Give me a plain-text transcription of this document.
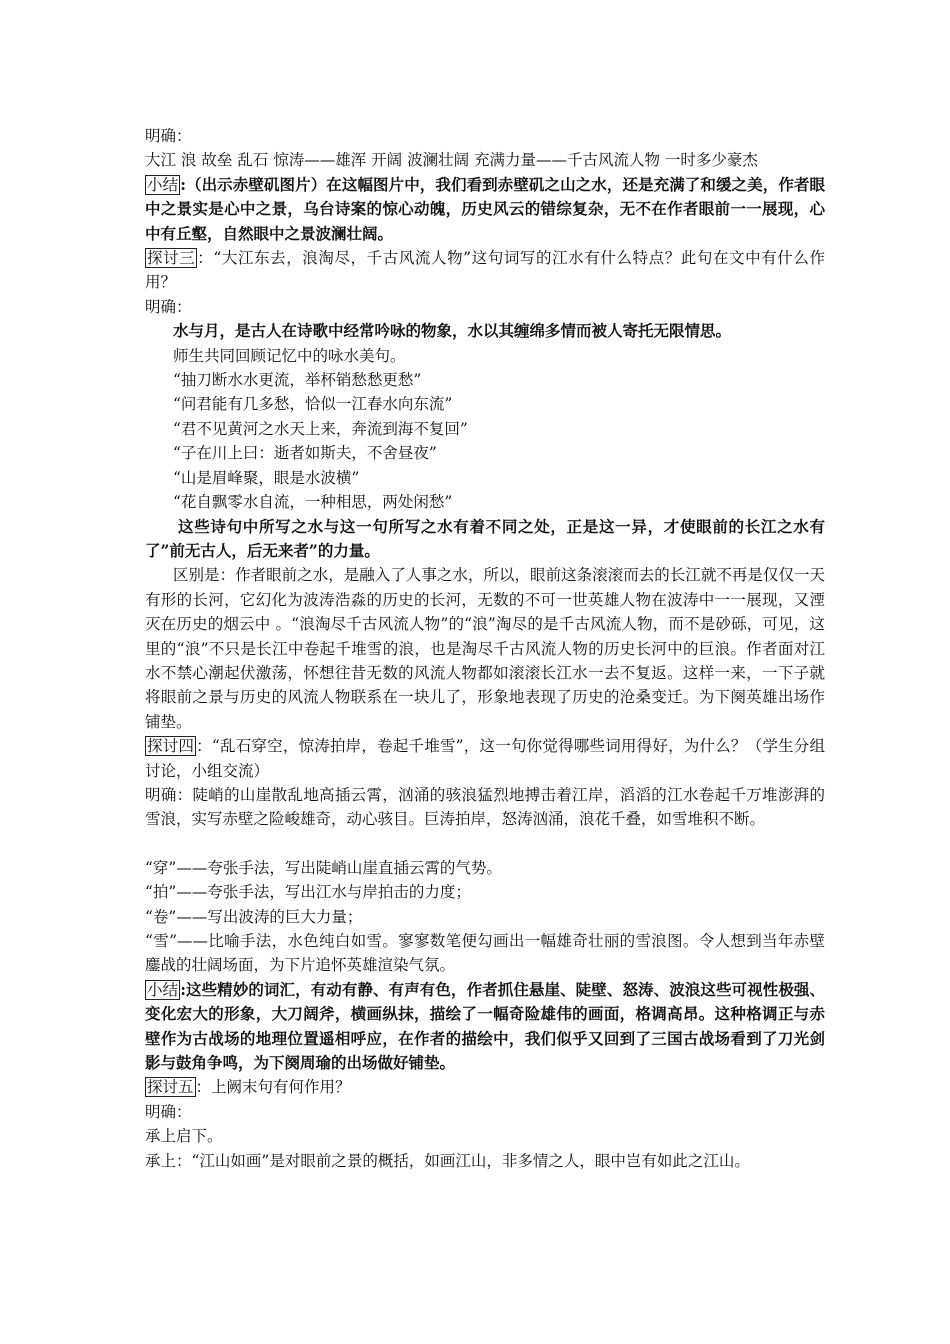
明确：

大江 浪 故垒 乱石 惊涛——雄浑 开阔 波澜壮阔 充满力量——千古风流人物 一时多少豪杰

小结 :（出示赤壁矶图片）在这幅图片中，我们看到赤壁矶之山之水，还是充满了和缓之美，作者眼中之景实是心中之景，乌台诗案的惊心动魄，历史风云的错综复杂，无不在作者眼前一一展现，心中有丘壑，自然眼中之景波澜壮阔。

探讨三 ：“大江东去，浪淘尽，千古风流人物”这句词写的江水有什么特点？此句在文中有什么作用？

明确：

水与月，是古人在诗歌中经常吟咏的物象，水以其缠绵多情而被人寄托无限情思。

师生共同回顾记忆中的咏水美句。

“抽刀断水水更流，举杯销愁愁更愁”

“问君能有几多愁，恰似一江春水向东流”

“君不见黄河之水天上来，奔流到海不复回”

“子在川上曰：逝者如斯夫，不舍昼夜”

“山是眉峰聚，眼是水波横”

“花自飘零水自流，一种相思，两处闲愁”

这些诗句中所写之水与这一句所写之水有着不同之处，正是这一异，才使眼前的长江之水有了”前无古人，后无来者”的力量。

区别是：作者眼前之水，是融入了人事之水，所以，眼前这条滚滚而去的长江就不再是仅仅一天有形的长河，它幻化为波涛浩淼的历史的长河，无数的不可一世英雄人物在波涛中一一展现，又湮灭在历史的烟云中 。“浪淘尽千古风流人物”的“浪”淘尽的是千古风流人物，而不是砂砾，可见，这里的“浪”不只是长江中卷起千堆雪的浪，也是淘尽千古风流人物的历史长河中的巨浪。作者面对江水不禁心潮起伏激荡，怀想往昔无数的风流人物都如滚滚长江水一去不复返。这样一来，一下子就将眼前之景与历史的风流人物联系在一块儿了，形象地表现了历史的沧桑变迁。为下阕英雄出场作铺垫。

探讨四 ：“乱石穿空，惊涛拍岸，卷起千堆雪”，这一句你觉得哪些词用得好，为什么？（学生分组讨论，小组交流）

明确：陡峭的山崖散乱地高插云霄，汹涌的骇浪猛烈地搏击着江岸，滔滔的江水卷起千万堆澎湃的雪浪，实写赤壁之险峻雄奇，动心骇目。巨涛拍岸，怒涛汹涌，浪花千叠，如雪堆积不断。

“穿”——夸张手法，写出陡峭山崖直插云霄的气势。

“拍”——夸张手法，写出江水与岸拍击的力度；

“卷”——写出波涛的巨大力量；

“雪”——比喻手法，水色纯白如雪。寥寥数笔便勾画出一幅雄奇壮丽的雪浪图。令人想到当年赤壁鏖战的壮阔场面，为下片追怀英雄渲染气氛。

小结 :这些精妙的词汇，有动有静、有声有色，作者抓住悬崖、陡壁、怒涛、波浪这些可视性极强、变化宏大的形象，大刀阔斧，横画纵抹，描绘了一幅奇险雄伟的画面，格调高昂。这种格调正与赤壁作为古战场的地理位置遥相呼应，在作者的描绘中，我们似乎又回到了三国古战场看到了刀光剑影与鼓角争鸣，为下阕周瑜的出场做好铺垫。

探讨五 ：上阙末句有何作用？

明确：

承上启下。

承上：“江山如画”是对眼前之景的概括，如画江山，非多情之人，眼中岂有如此之江山。
